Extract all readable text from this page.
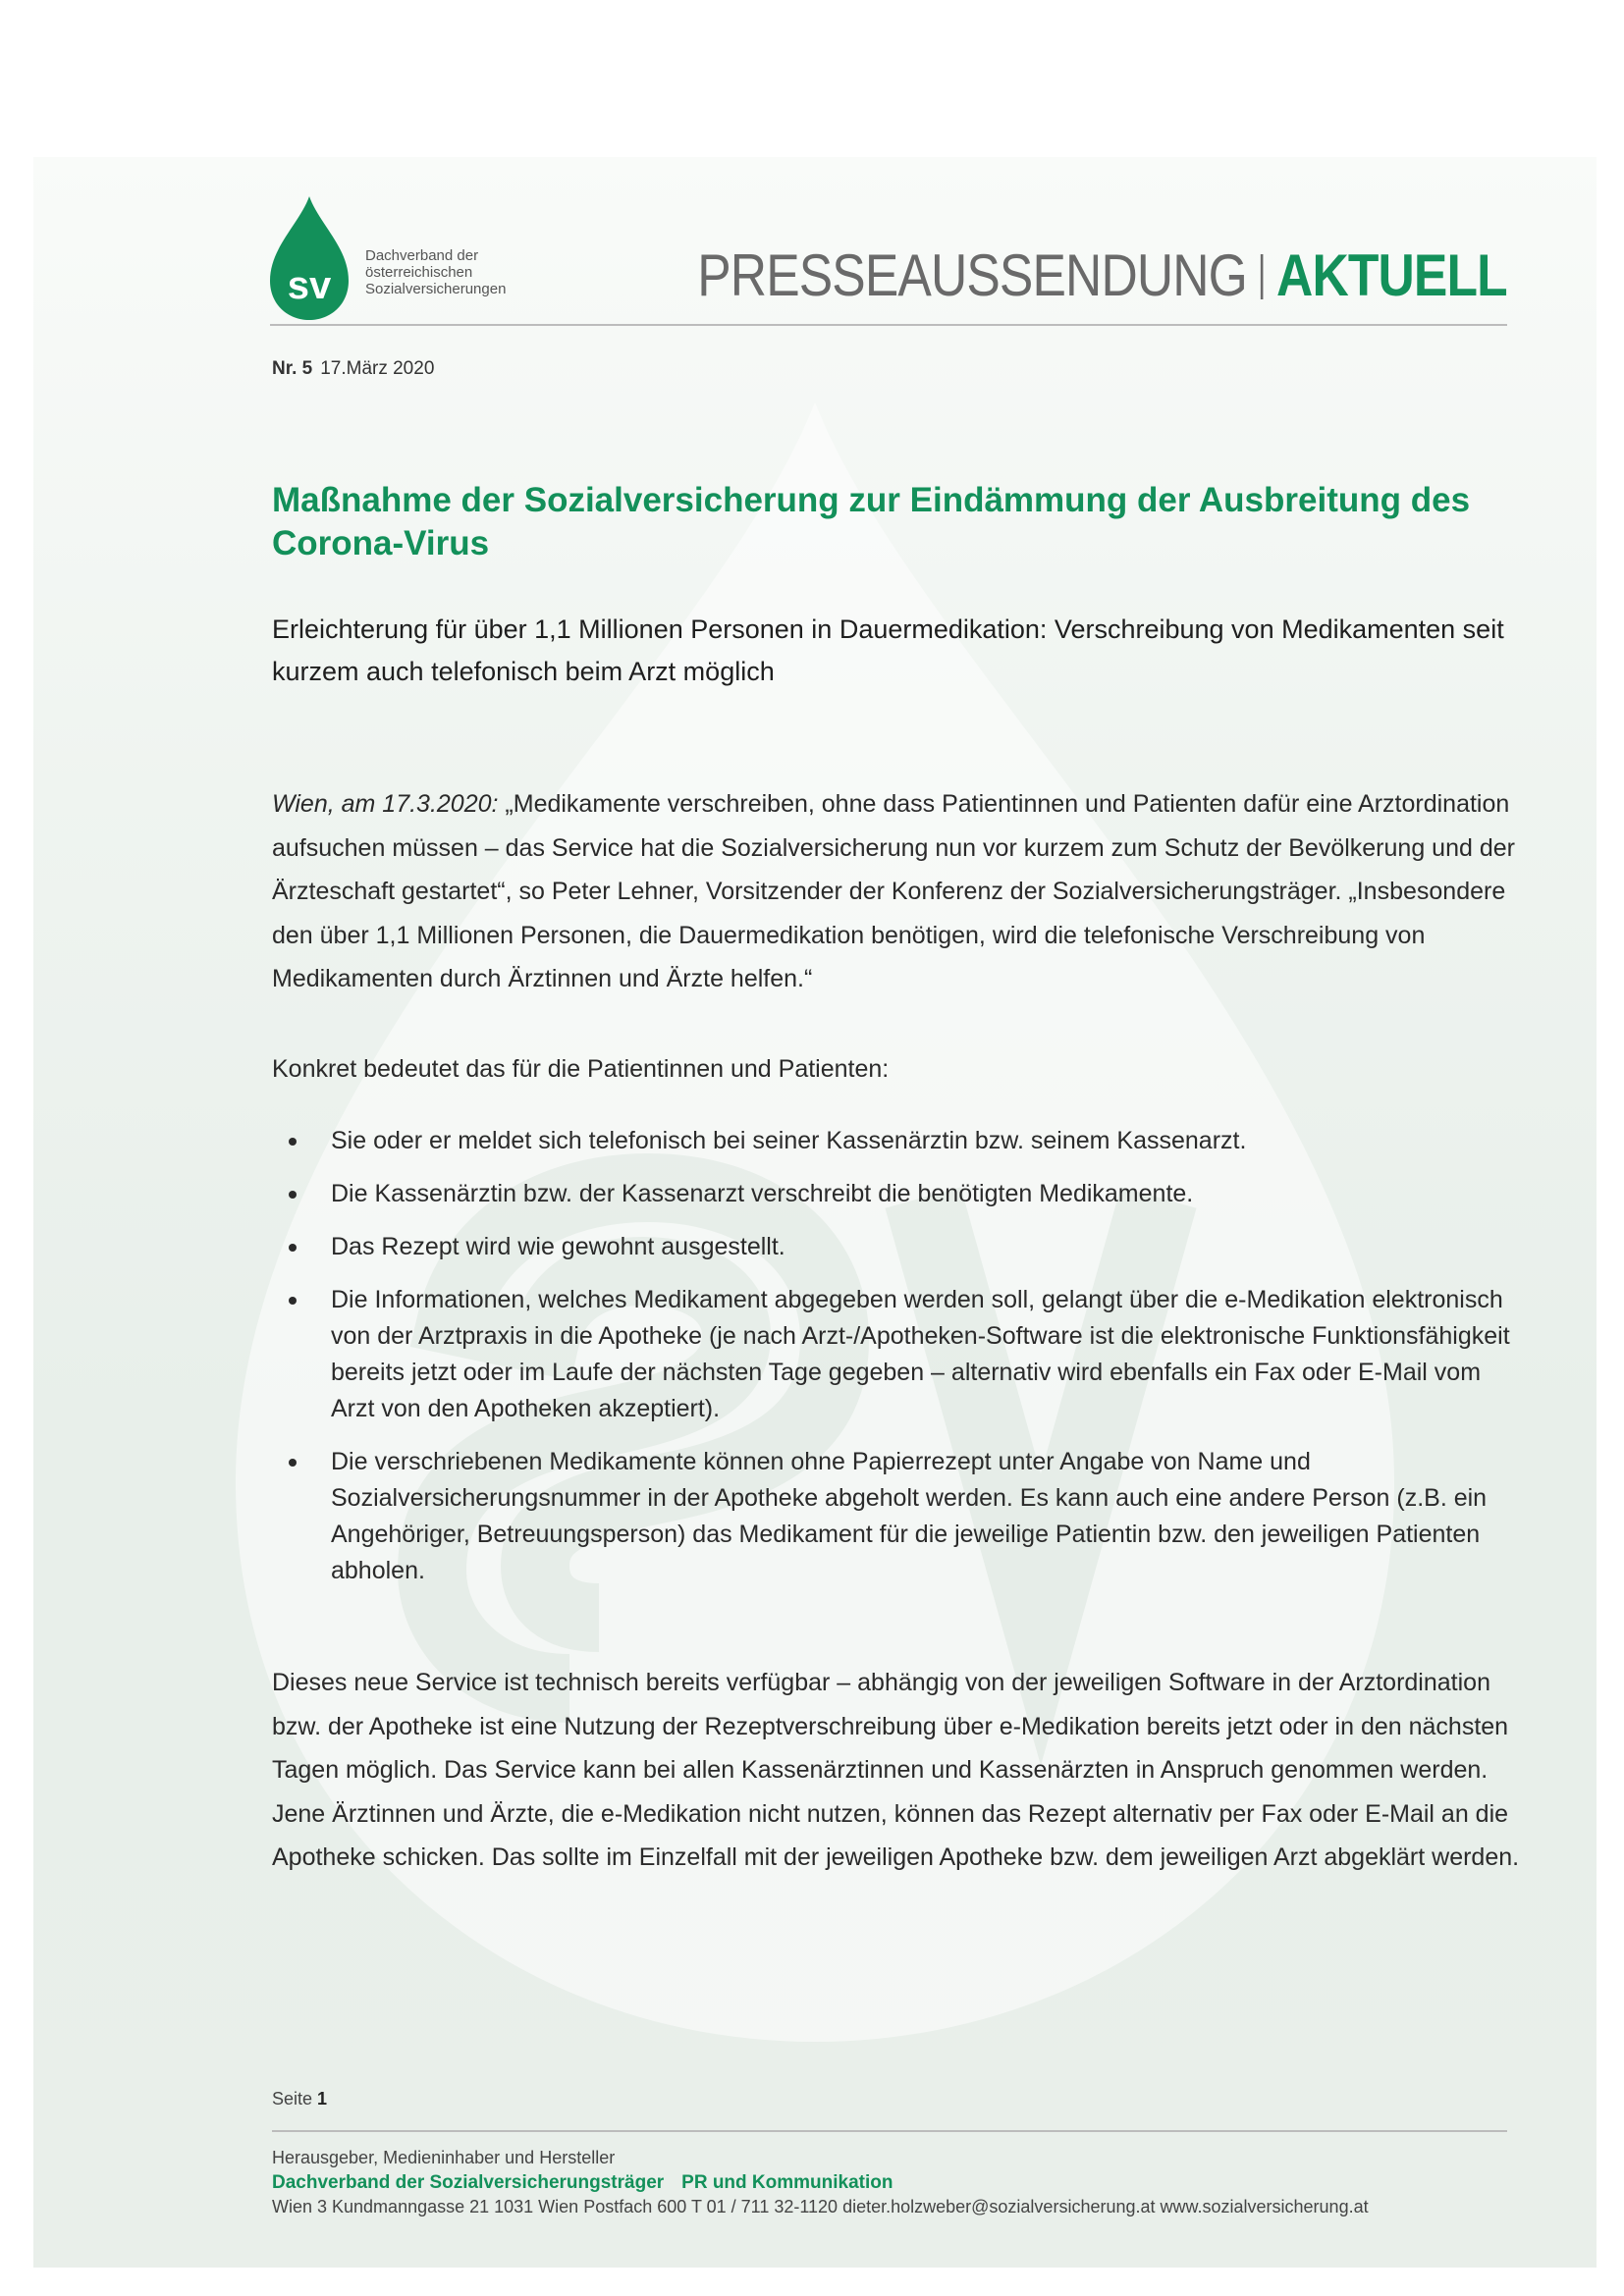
sv
Dachverband der
österreichischen
Sozialversicherungen	PRESSEAUSSENDUNG AKTUELL
Nr. 5 17.März 2020
Maßnahme der Sozialversicherung zur Eindämmung der Ausbreitung des Corona-Virus

Erleichterung für über 1,1 Millionen Personen in Dauermedikation: Verschreibung von Medikamenten seit kurzem auch telefonisch beim Arzt möglich

Wien, am 17.3.2020: „Medikamente verschreiben, ohne dass Patientinnen und Patienten dafür eine Arztordination aufsuchen müssen – das Service hat die Sozialversicherung nun vor kurzem zum Schutz der Bevölkerung und der Ärzteschaft gestartet“, so Peter Lehner, Vorsitzender der Konferenz der Sozialversicherungsträger. „Insbesondere den über 1,1 Millionen Personen, die Dauermedikation benötigen, wird die telefonische Verschreibung von Medikamenten durch Ärztinnen und Ärzte helfen.“

Konkret bedeutet das für die Patientinnen und Patienten:

Sie oder er meldet sich telefonisch bei seiner Kassenärztin bzw. seinem Kassenarzt.
Die Kassenärztin bzw. der Kassenarzt verschreibt die benötigten Medikamente.
Das Rezept wird wie gewohnt ausgestellt.
Die Informationen, welches Medikament abgegeben werden soll, gelangt über die e-Medikation elektronisch von der Arztpraxis in die Apotheke (je nach Arzt-/Apotheken-Software ist die elektronische Funktionsfähigkeit bereits jetzt oder im Laufe der nächsten Tage gegeben – alternativ wird ebenfalls ein Fax oder E-Mail vom Arzt von den Apotheken akzeptiert).
Die verschriebenen Medikamente können ohne Papierrezept unter Angabe von Name und Sozialversicherungsnummer in der Apotheke abgeholt werden. Es kann auch eine andere Person (z.B. ein Angehöriger, Betreuungsperson) das Medikament für die jeweilige Patientin bzw. den jeweiligen Patienten abholen.

Dieses neue Service ist technisch bereits verfügbar – abhängig von der jeweiligen Software in der Arztordination bzw. der Apotheke ist eine Nutzung der Rezeptverschreibung über e-Medikation bereits jetzt oder in den nächsten Tagen möglich. Das Service kann bei allen Kassenärztinnen und Kassenärzten in Anspruch genommen werden. Jene Ärztinnen und Ärzte, die e-Medikation nicht nutzen, können das Rezept alternativ per Fax oder E-Mail an die Apotheke schicken. Das sollte im Einzelfall mit der jeweiligen Apotheke bzw. dem jeweiligen Arzt abgeklärt werden.

Seite 1
Herausgeber, Medieninhaber und Hersteller
Dachverband der Sozialversicherungsträger PR und Kommunikation
Wien 3 Kundmanngasse 21 1031 Wien Postfach 600 T 01 / 711 32-1120 dieter.holzweber@sozialversicherung.at www.sozialversicherung.at
